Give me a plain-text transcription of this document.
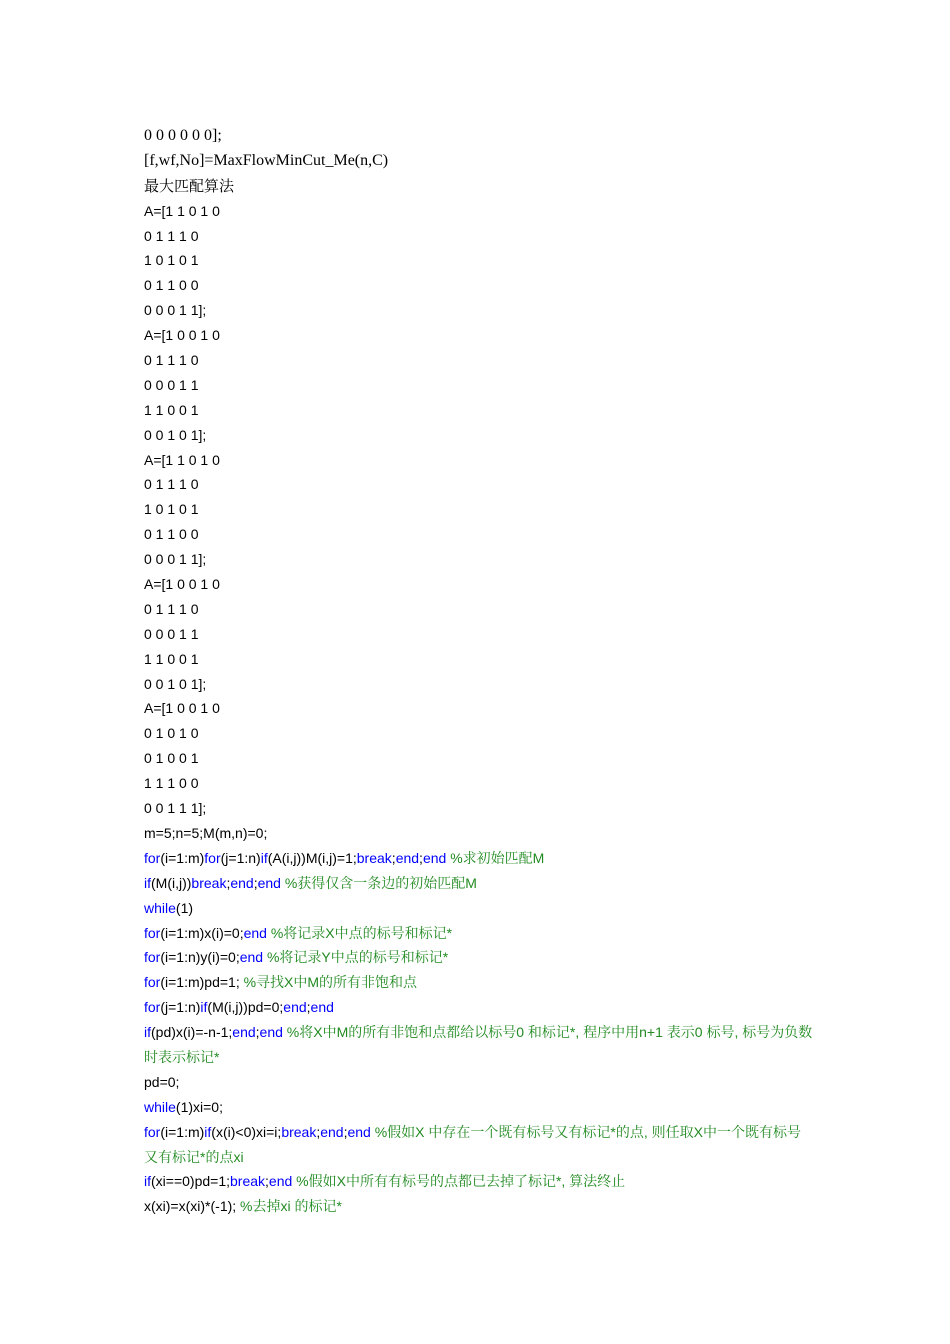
0 0 0 0 0 0];
[f,wf,No]=MaxFlowMinCut_Me(n,C)
最大匹配算法
A=[1 1 0 1 0
0 1 1 1 0
1 0 1 0 1
0 1 1 0 0
0 0 0 1 1];
A=[1 0 0 1 0
0 1 1 1 0
0 0 0 1 1
1 1 0 0 1
0 0 1 0 1];
A=[1 1 0 1 0
0 1 1 1 0
1 0 1 0 1
0 1 1 0 0
0 0 0 1 1];
A=[1 0 0 1 0
0 1 1 1 0
0 0 0 1 1
1 1 0 0 1
0 0 1 0 1];
A=[1 0 0 1 0
0 1 0 1 0
0 1 0 0 1
1 1 1 0 0
0 0 1 1 1];
m=5;n=5;M(m,n)=0;
for(i=1:m)for(j=1:n)if(A(i,j))M(i,j)=1;break;end;end %求初始匹配M
if(M(i,j))break;end;end %获得仅含一条边的初始匹配M
while(1)
for(i=1:m)x(i)=0;end %将记录X中点的标号和标记*
for(i=1:n)y(i)=0;end %将记录Y中点的标号和标记*
for(i=1:m)pd=1; %寻找X中M的所有非饱和点
for(j=1:n)if(M(i,j))pd=0;end;end
if(pd)x(i)=-n-1;end;end %将X中M的所有非饱和点都给以标号0 和标记*, 程序中用n+1 表示0 标号, 标号为负数时表示标记*
pd=0;
while(1)xi=0;
for(i=1:m)if(x(i)<0)xi=i;break;end;end %假如X 中存在一个既有标号又有标记*的点, 则任取X中一个既有标号又有标记*的点xi
if(xi==0)pd=1;break;end %假如X中所有有标号的点都已去掉了标记*, 算法终止
x(xi)=x(xi)*(-1); %去掉xi 的标记*
